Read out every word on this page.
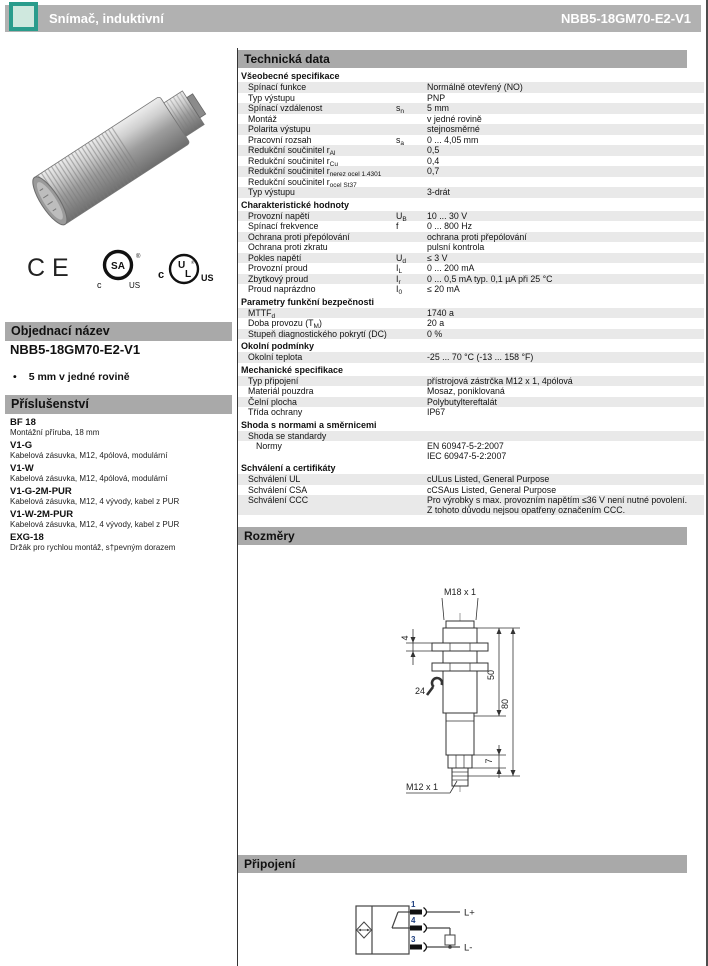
Snímač, induktivní	NBB5-18GM70-E2-V1
CE	SA
®
c	US
c
U
L
®
US
Objednací název
NBB5-18GM70-E2-V1
• 5 mm v jedné rovině
Příslušenství
BF 18
Montážní příruba, 18 mm
V1-G
Kabelová zásuvka, M12, 4pólová, modulární
V1-W
Kabelová zásuvka, M12, 4pólová, modulární
V1-G-2M-PUR
Kabelová zásuvka, M12, 4 vývody, kabel z PUR
V1-W-2M-PUR
Kabelová zásuvka, M12, 4 vývody, kabel z PUR
EXG-18
Držák pro rychlou montáž, s†pevným dorazem
Technická data
Všeobecné specifikace
Spínací funkce	Normálně otevřený (NO)
Typ výstupu	PNP
Spínací vzdálenost	$s_n$	5 mm
Montáž	v jedné rovině
Polarita výstupu	stejnosměrné
Pracovní rozsah	$s_a$	0 ... 4,05 mm
Redukční součinitel $r_{Al}$	0,5
Redukční součinitel $r_{Cu}$	0,4
Redukční součinitel $r_{nerez ocel 1.4301}$	0,7
Redukční součinitel $r_{ocel St37}$
Typ výstupu	3-drát
Charakteristické hodnoty
Provozní napětí	$U_B$	10 ... 30 V
Spínací frekvence	f	0 ... 800 Hz
Ochrana proti přepólování	ochrana proti přepólování
Ochrana proti zkratu	pulsní kontrola
Pokles napětí	$U_d$	≤ 3 V
Provozní proud	$I_L$	0 ... 200 mA
Zbytkový proud	$I_r$	0 ... 0,5 mA typ. 0,1 µA při 25 °C
Proud naprázdno	$I_0$	≤ 20 mA
Parametry funkční bezpečnosti
$MTTF_d$	1740 a
Doba provozu $(T_M)$	20 a
Stupeň diagnostického pokrytí (DC)	0 %
Okolní podmínky
Okolní teplota	-25 ... 70 °C (-13 ... 158 °F)
Mechanické specifikace
Typ připojení	přístrojová zástrčka M12 x 1, 4pólová
Materiál pouzdra	Mosaz, poniklovaná
Čelní plocha	Polybutyltereftalát
Třída ochrany	IP67
Shoda s normami a směrnicemi
Shoda se standardy
Normy	EN 60947-5-2:2007
IEC 60947-5-2:2007
Schválení a certifikáty
Schválení UL	cULus Listed, General Purpose
Schválení CSA	cCSAus Listed, General Purpose
Schválení CCC	Pro výrobky s max. provozním napětím ≤36 V není nutné povolení.
Z tohoto důvodu nejsou opatřeny označením CCC.
Rozměry
M18 x 1
4
24
50
80
7
M12 x 1
Připojení
1
4
3
L+
L-
